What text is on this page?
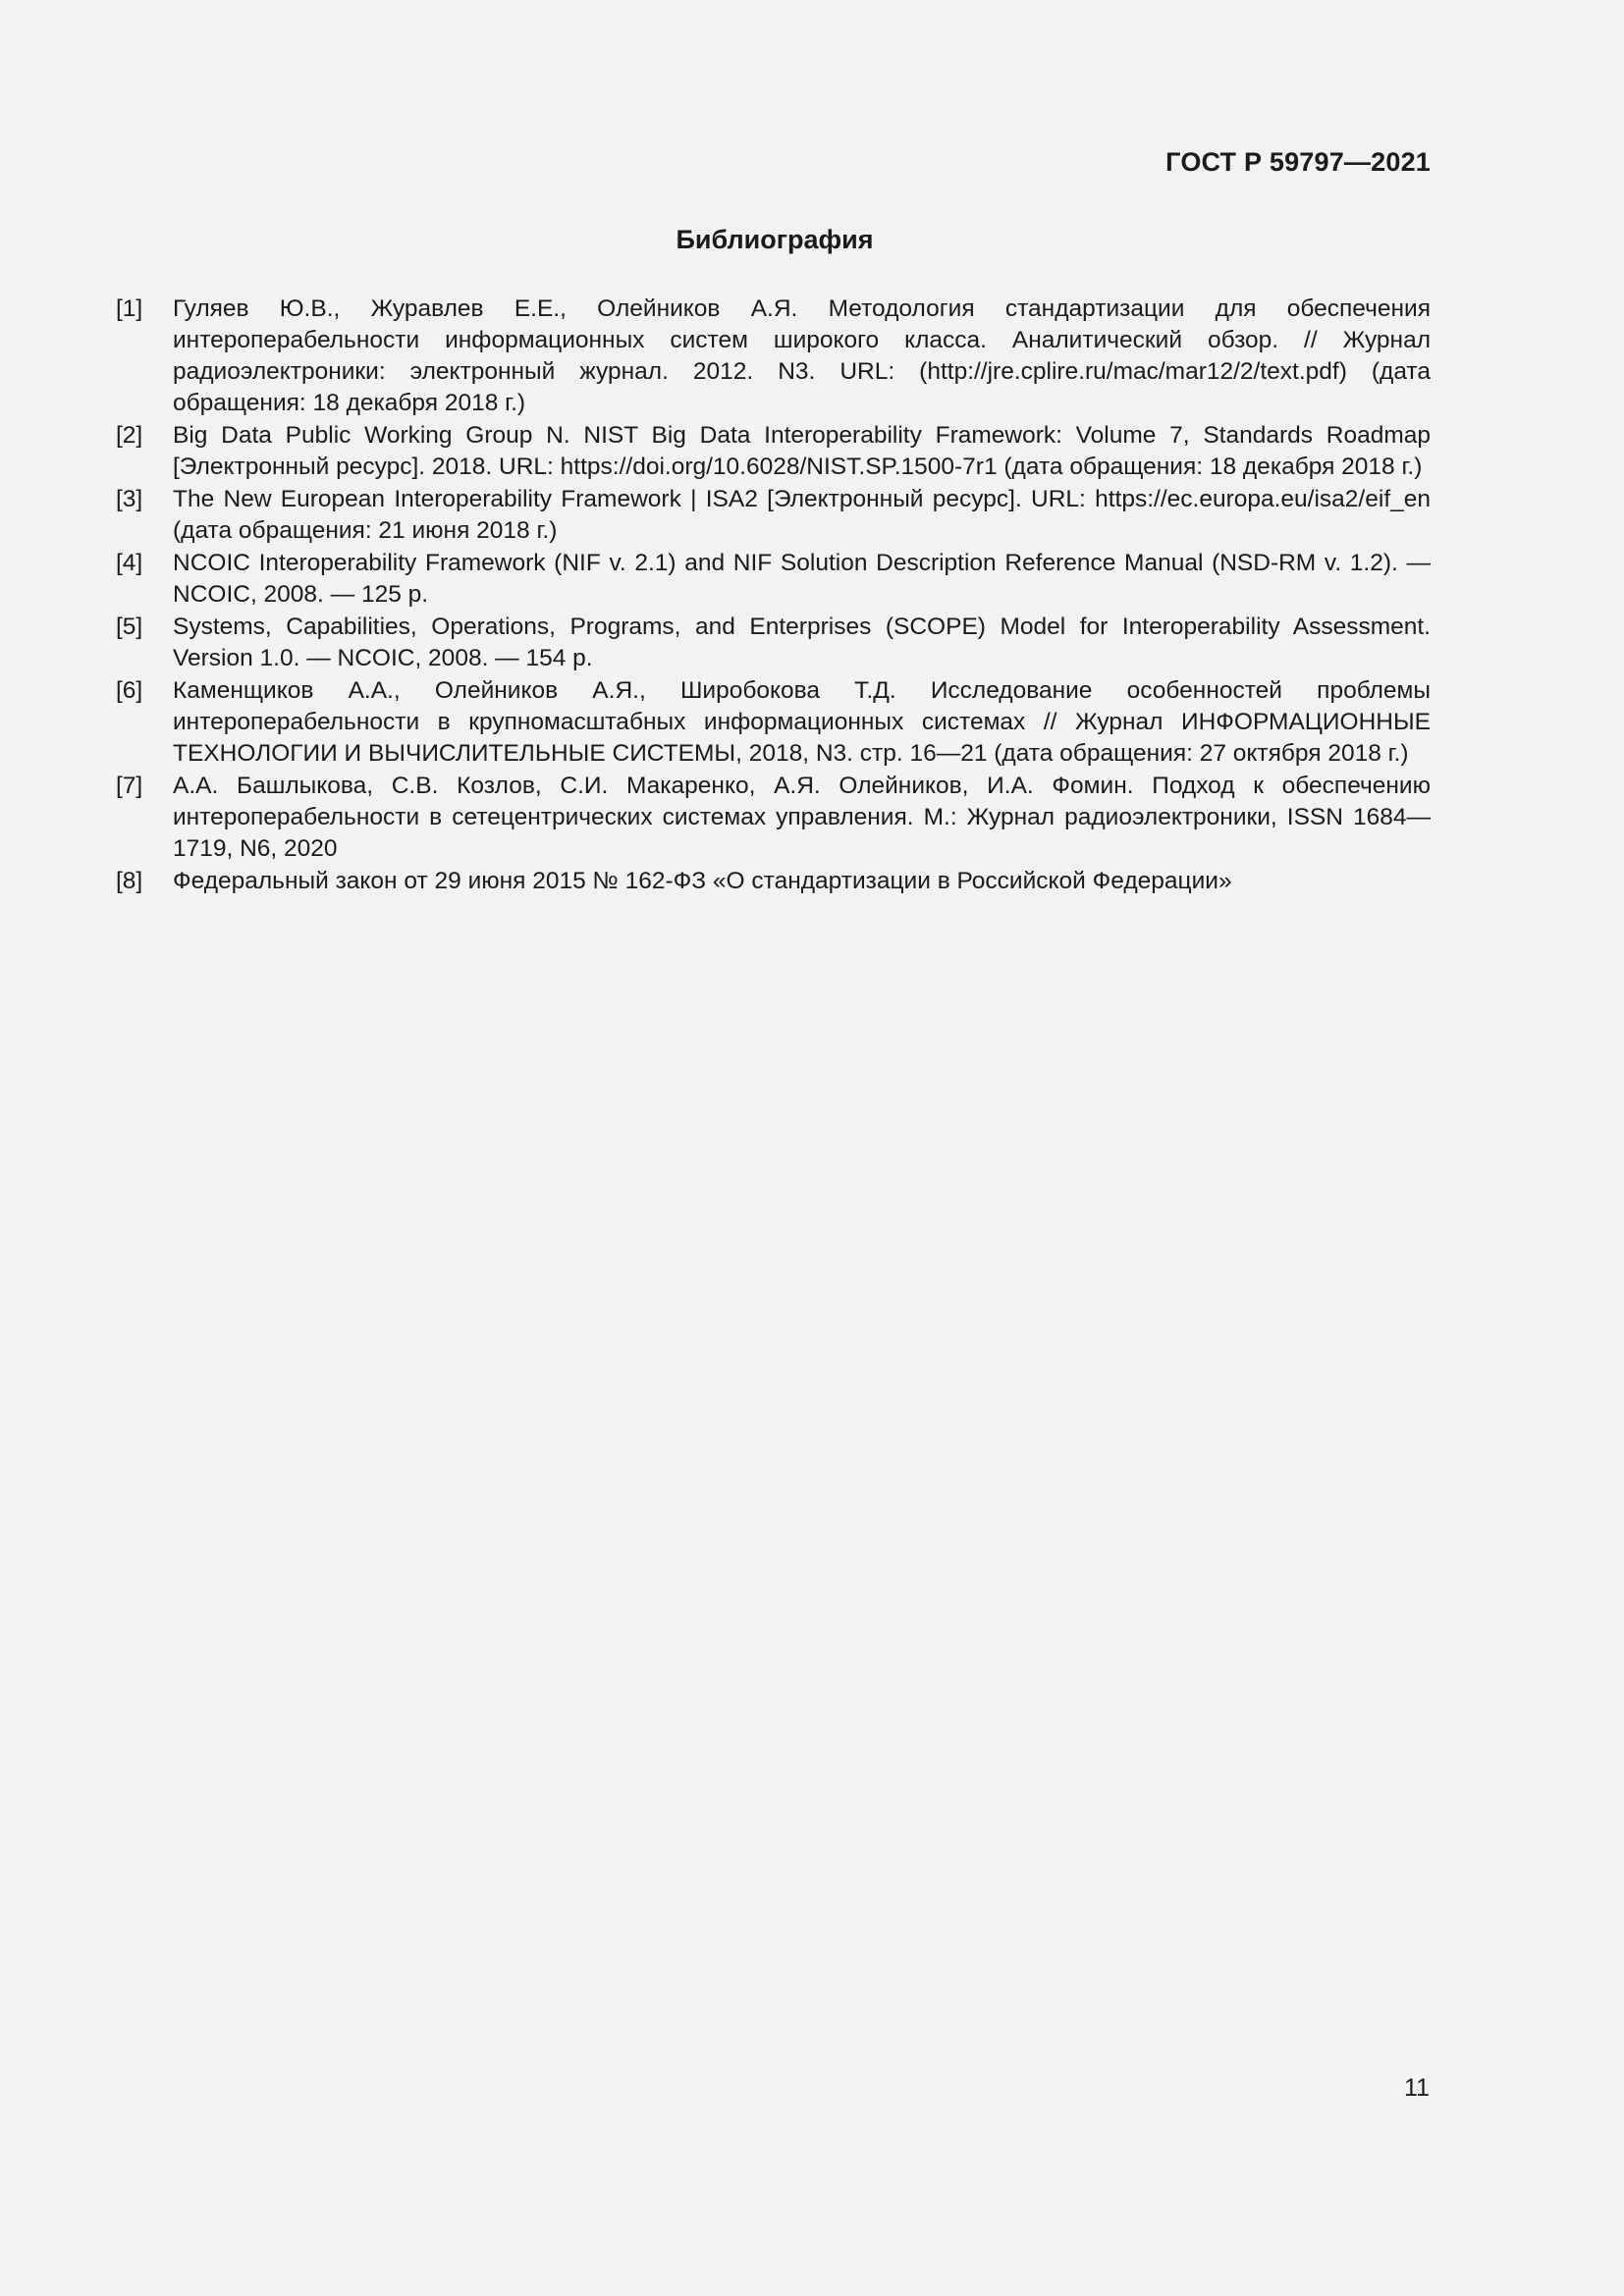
ГОСТ Р 59797—2021
Библиография
[1] Гуляев Ю.В., Журавлев Е.Е., Олейников А.Я. Методология стандартизации для обеспечения интероперабельности информационных систем широкого класса. Аналитический обзор. // Журнал радиоэлектроники: электронный журнал. 2012. N3. URL: (http://jre.cplire.ru/mac/mar12/2/text.pdf) (дата обращения: 18 декабря 2018 г.)
[2] Big Data Public Working Group N. NIST Big Data Interoperability Framework: Volume 7, Standards Roadmap [Электронный ресурс]. 2018. URL: https://doi.org/10.6028/NIST.SP.1500-7r1 (дата обращения: 18 декабря 2018 г.)
[3] The New European Interoperability Framework | ISA2 [Электронный ресурс]. URL: https://ec.europa.eu/isa2/eif_en (дата обращения: 21 июня 2018 г.)
[4] NCOIC Interoperability Framework (NIF v. 2.1) and NIF Solution Description Reference Manual (NSD-RM v. 1.2). — NCOIC, 2008. — 125 p.
[5] Systems, Capabilities, Operations, Programs, and Enterprises (SCOPE) Model for Interoperability Assessment. Version 1.0. — NCOIC, 2008. — 154 p.
[6] Каменщиков А.А., Олейников А.Я., Широбокова Т.Д. Исследование особенностей проблемы интероперабельности в крупномасштабных информационных системах // Журнал ИНФОРМАЦИОННЫЕ ТЕХНОЛОГИИ И ВЫЧИСЛИТЕЛЬНЫЕ СИСТЕМЫ, 2018, N3. стр. 16—21 (дата обращения: 27 октября 2018 г.)
[7] А.А. Башлыкова, С.В. Козлов, С.И. Макаренко, А.Я. Олейников, И.А. Фомин. Подход к обеспечению интероперабельности в сетецентрических системах управления. М.: Журнал радиоэлектроники, ISSN 1684—1719, N6, 2020
[8] Федеральный закон от 29 июня 2015 № 162-ФЗ «О стандартизации в Российской Федерации»
11
